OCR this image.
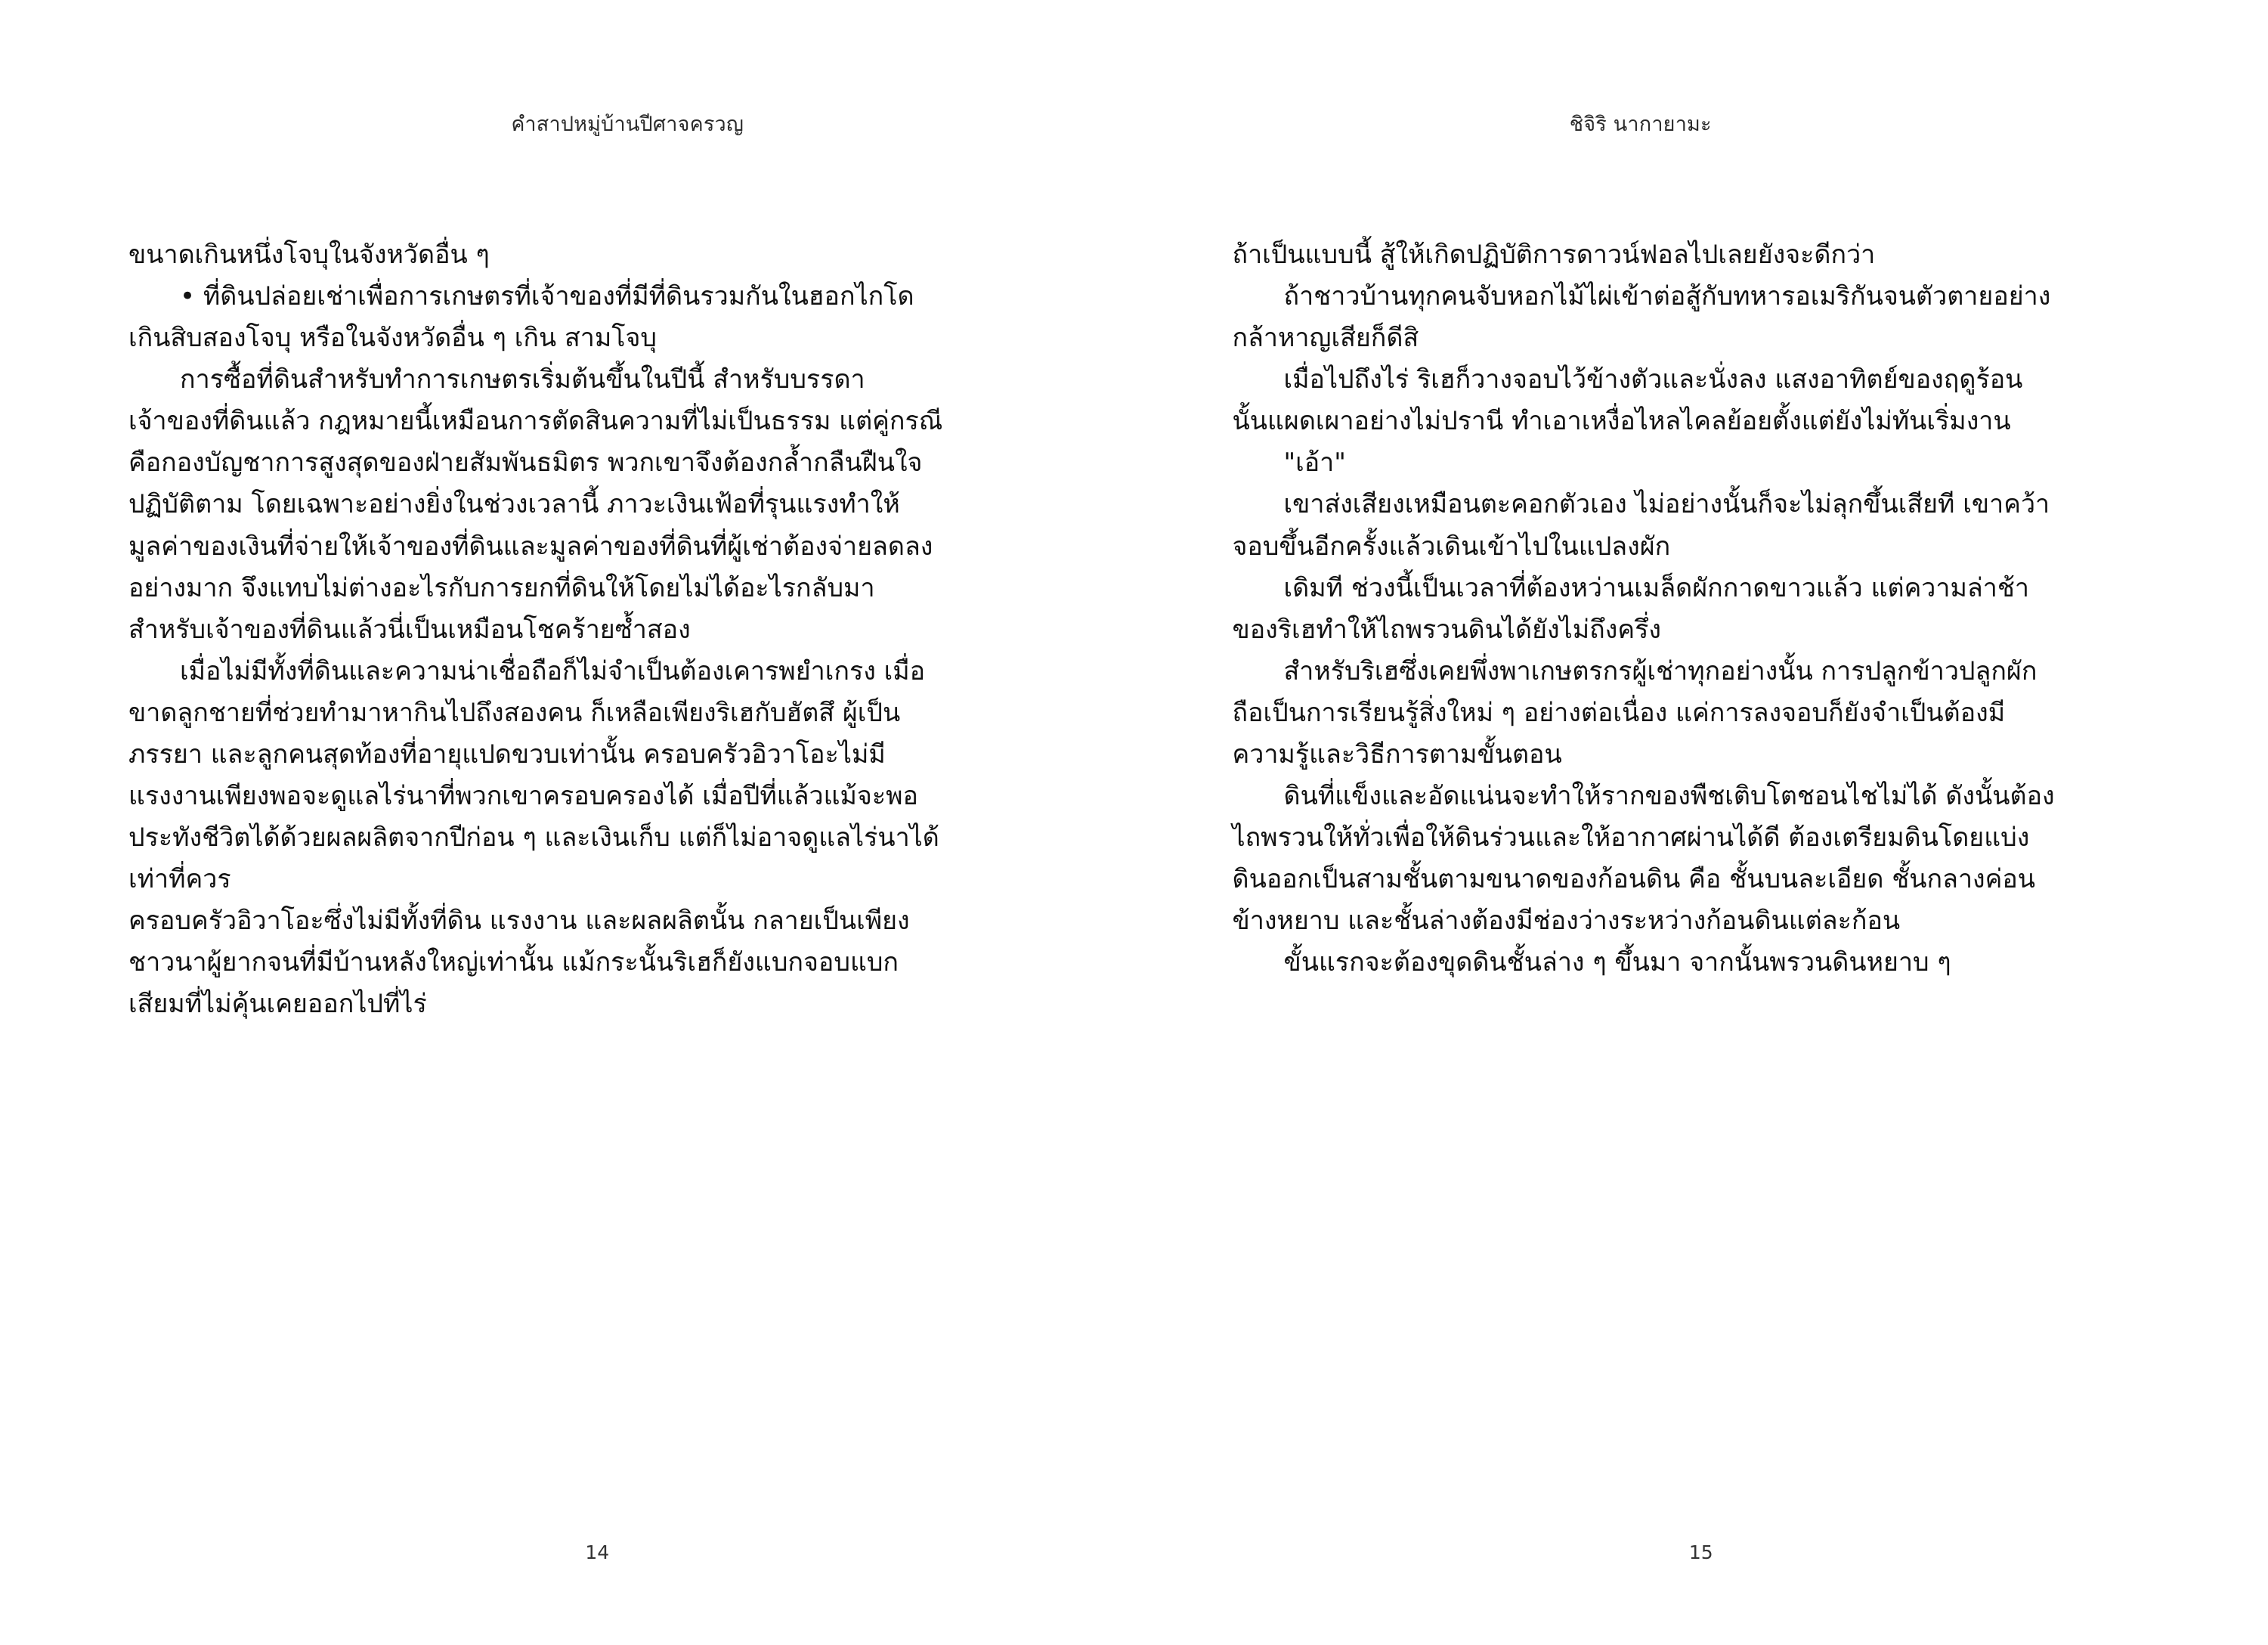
คำสาปหมู่บ้านปีศาจครวญ

ขนาดเกินหนึ่งโจบุในจังหวัดอื่น ๆ

• ที่ดินปล่อยเช่าเพื่อการเกษตรที่เจ้าของที่มีที่ดินรวมกันในฮอกไกโดเกินสิบสองโจบุ หรือในจังหวัดอื่น ๆ เกิน สามโจบุ

การซื้อที่ดินสำหรับทำการเกษตรเริ่มต้นขึ้นในปีนี้ สำหรับบรรดาเจ้าของที่ดินแล้ว กฎหมายนี้เหมือนการตัดสินความที่ไม่เป็นธรรม แต่คู่กรณีคือกองบัญชาการสูงสุดของฝ่ายสัมพันธมิตร พวกเขาจึงต้องกล้ำกลืนฝืนใจปฏิบัติตาม โดยเฉพาะอย่างยิ่งในช่วงเวลานี้ ภาวะเงินเฟ้อที่รุนแรงทำให้มูลค่าของเงินที่จ่ายให้เจ้าของที่ดินและมูลค่าของที่ดินที่ผู้เช่าต้องจ่ายลดลงอย่างมาก จึงแทบไม่ต่างอะไรกับการยกที่ดินให้โดยไม่ได้อะไรกลับมา สำหรับเจ้าของที่ดินแล้วนี่เป็นเหมือนโชคร้ายซ้ำสอง

เมื่อไม่มีทั้งที่ดินและความน่าเชื่อถือก็ไม่จำเป็นต้องเคารพยำเกรง เมื่อขาดลูกชายที่ช่วยทำมาหากินไปถึงสองคน ก็เหลือเพียงริเฮกับฮัตสึ ผู้เป็นภรรยา และลูกคนสุดท้องที่อายุแปดขวบเท่านั้น ครอบครัวอิวาโอะไม่มีแรงงานเพียงพอจะดูแลไร่นาที่พวกเขาครอบครองได้ เมื่อปีที่แล้วแม้จะพอประทังชีวิตได้ด้วยผลผลิตจากปีก่อน ๆ และเงินเก็บ แต่ก็ไม่อาจดูแลไร่นาได้เท่าที่ควร

ครอบครัวอิวาโอะซึ่งไม่มีทั้งที่ดิน แรงงาน และผลผลิตนั้น กลายเป็นเพียงชาวนาผู้ยากจนที่มีบ้านหลังใหญ่เท่านั้น แม้กระนั้นริเฮก็ยังแบกจอบแบกเสียมที่ไม่คุ้นเคยออกไปที่ไร่

14
ชิจิริ นากายามะ

ถ้าเป็นแบบนี้ สู้ให้เกิดปฏิบัติการดาวน์ฟอลไปเลยยังจะดีกว่า

ถ้าชาวบ้านทุกคนจับหอกไม้ไผ่เข้าต่อสู้กับทหารอเมริกันจนตัวตายอย่างกล้าหาญเสียก็ดีสิ

เมื่อไปถึงไร่ ริเฮก็วางจอบไว้ข้างตัวและนั่งลง แสงอาทิตย์ของฤดูร้อนนั้นแผดเผาอย่างไม่ปรานี ทำเอาเหงื่อไหลไคลย้อยตั้งแต่ยังไม่ทันเริ่มงาน

"เอ้า"

เขาส่งเสียงเหมือนตะคอกตัวเอง ไม่อย่างนั้นก็จะไม่ลุกขึ้นเสียที เขาคว้าจอบขึ้นอีกครั้งแล้วเดินเข้าไปในแปลงผัก

เดิมที ช่วงนี้เป็นเวลาที่ต้องหว่านเมล็ดผักกาดขาวแล้ว แต่ความล่าช้าของริเฮทำให้ไถพรวนดินได้ยังไม่ถึงครึ่ง

สำหรับริเฮซึ่งเคยพึ่งพาเกษตรกรผู้เช่าทุกอย่างนั้น การปลูกข้าวปลูกผักถือเป็นการเรียนรู้สิ่งใหม่ ๆ อย่างต่อเนื่อง แค่การลงจอบก็ยังจำเป็นต้องมีความรู้และวิธีการตามขั้นตอน

ดินที่แข็งและอัดแน่นจะทำให้รากของพืชเติบโตชอนไชไม่ได้ ดังนั้นต้องไถพรวนให้ทั่วเพื่อให้ดินร่วนและให้อากาศผ่านได้ดี ต้องเตรียมดินโดยแบ่งดินออกเป็นสามชั้นตามขนาดของก้อนดิน คือ ชั้นบนละเอียด ชั้นกลางค่อนข้างหยาบ และชั้นล่างต้องมีช่องว่างระหว่างก้อนดินแต่ละก้อน

ขั้นแรกจะต้องขุดดินชั้นล่าง ๆ ขึ้นมา จากนั้นพรวนดินหยาบ ๆ

15
